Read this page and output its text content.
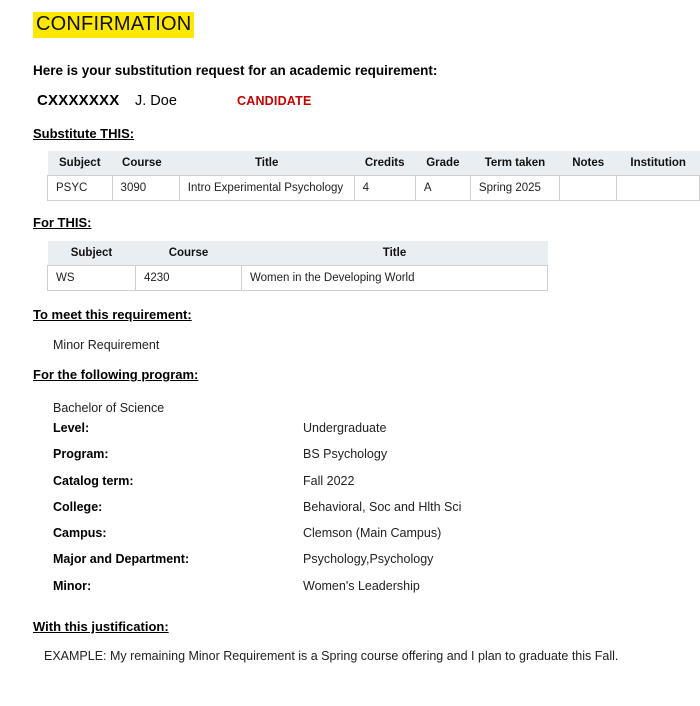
CONFIRMATION
Here is your substitution request for an academic requirement:
CXXXXXXX J. Doe	CANDIDATE
Substitute THIS:
Subject	Course	Title	Credits	Grade	Term taken	Notes	Institution
PSYC	3090	Intro Experimental Psychology	4	A	Spring 2025		
For THIS:
Subject	Course	Title
WS	4230	Women in the Developing World
To meet this requirement:
Minor Requirement
For the following program:
Bachelor of Science
Level:	Undergraduate
Program:	BS Psychology
Catalog term:	Fall 2022
College:	Behavioral, Soc and Hlth Sci
Campus:	Clemson (Main Campus)
Major and Department:	Psychology,Psychology
Minor:	Women's Leadership
With this justification:
EXAMPLE: My remaining Minor Requirement is a Spring course offering and I plan to graduate this Fall.
